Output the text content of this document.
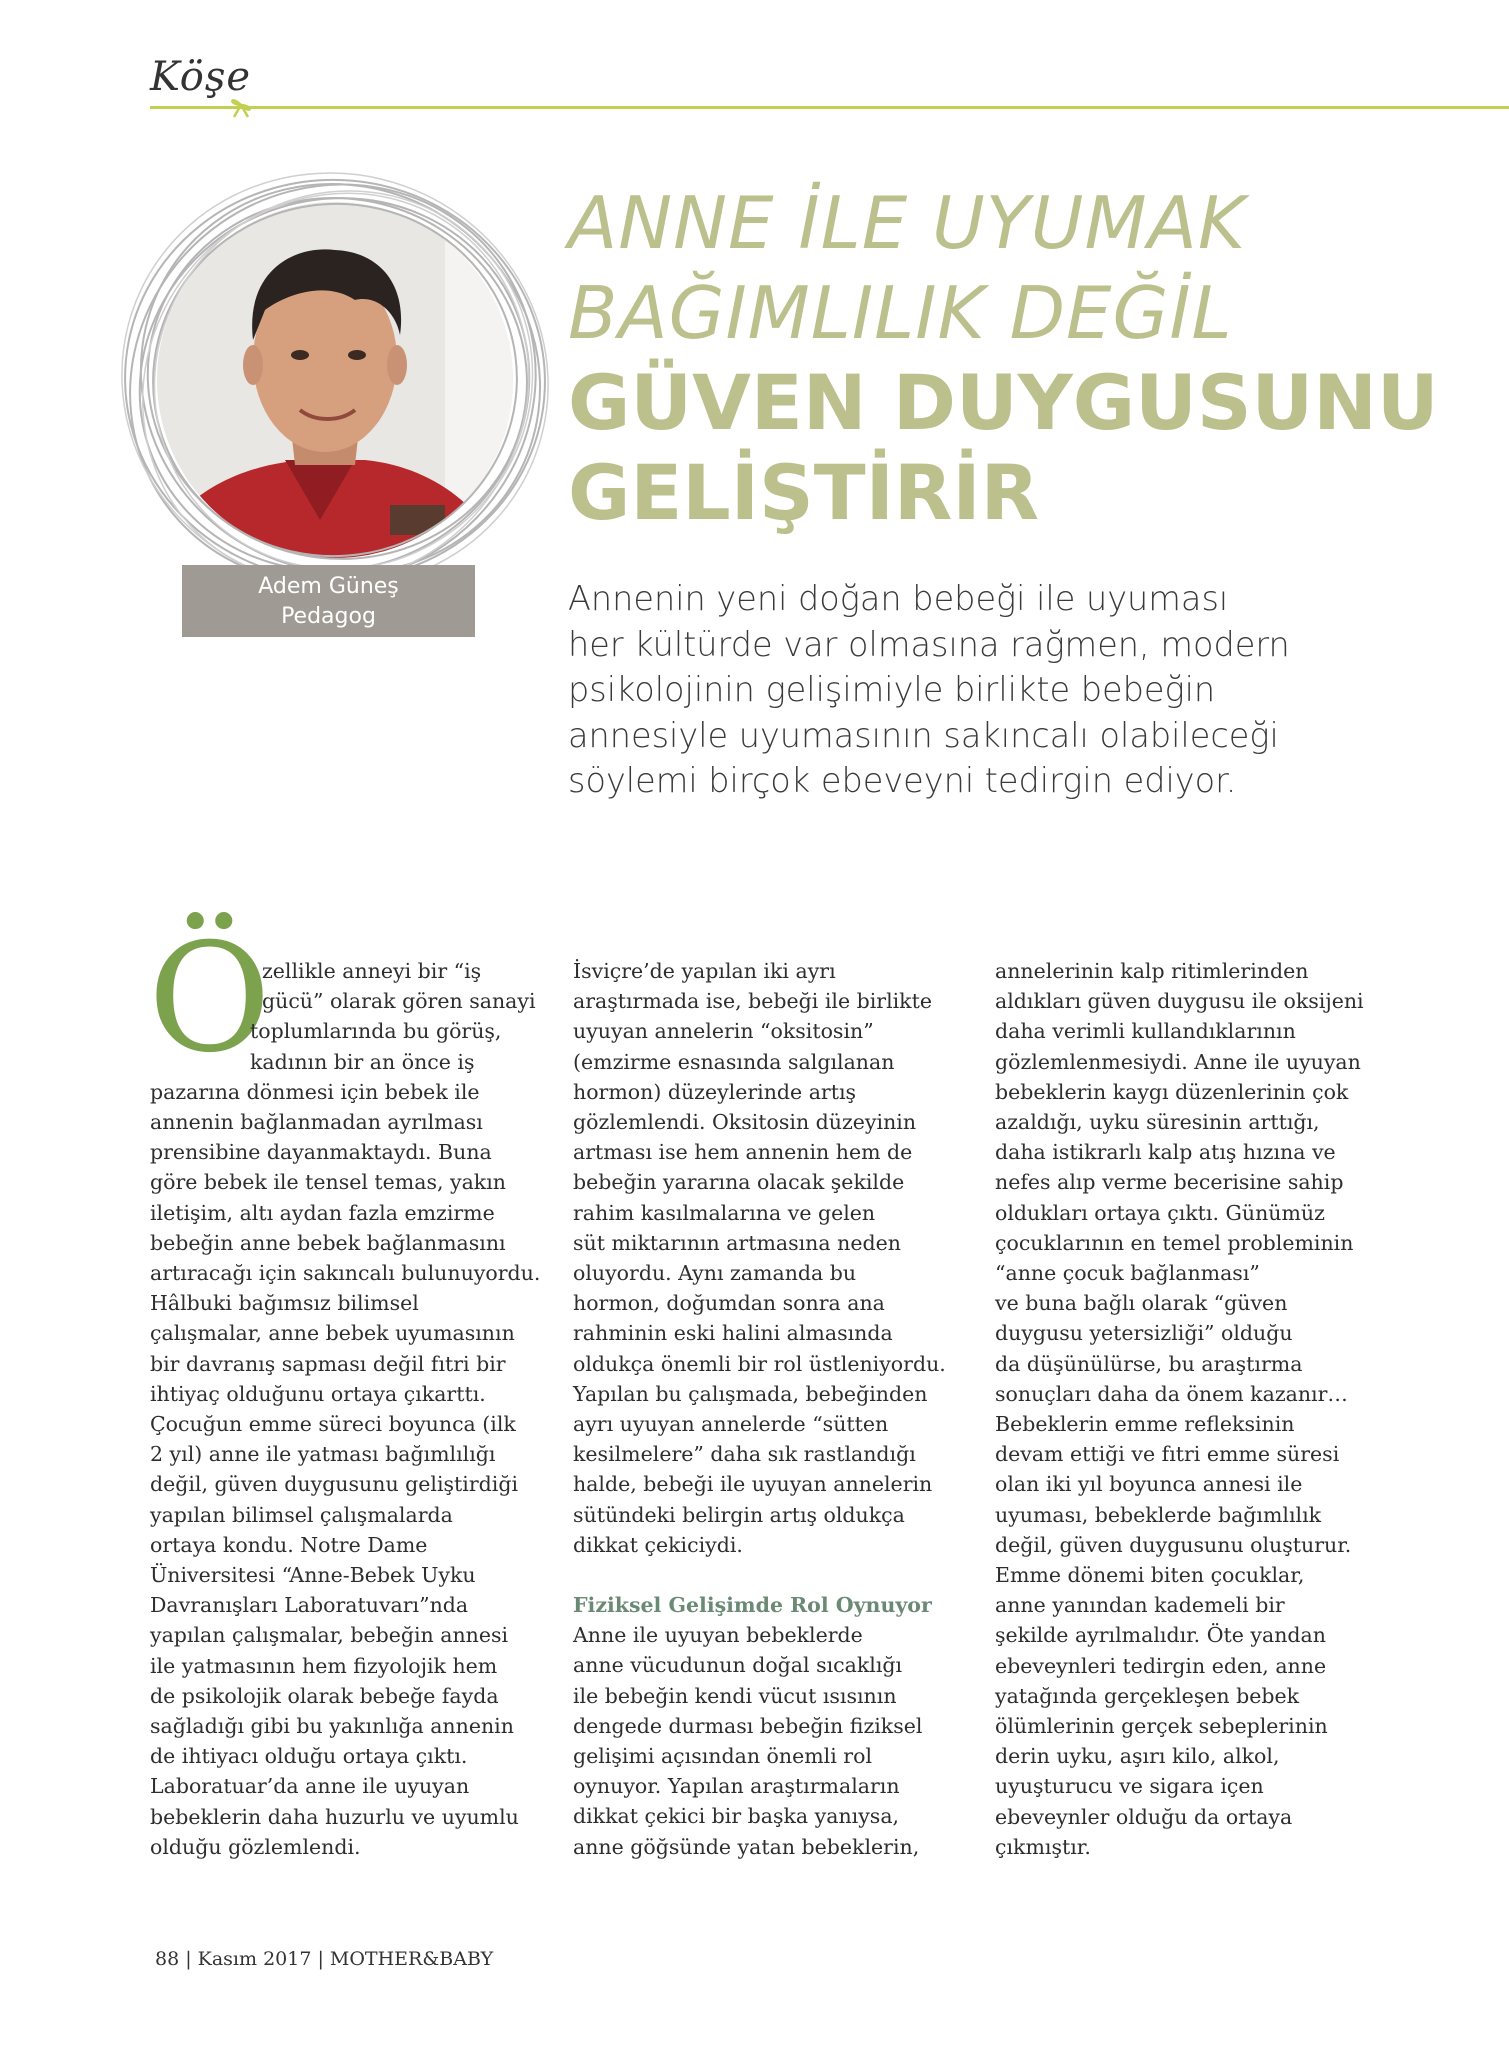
Köşe
Adem Güneş
Pedagog
ANNE İLE UYUMAK
BAĞIMLILIK DEĞİL
GÜVEN DUYGUSUNU
GELİŞTİRİR
Annenin yeni doğan bebeği ile uyuması
her kültürde var olmasına rağmen, modern
psikolojinin gelişimiyle birlikte bebeğin
annesiyle uyumasının sakıncalı olabileceği
söylemi birçok ebeveyni tedirgin ediyor.
Ö
zellikle anneyi bir “iş
gücü” olarak gören sanayi
toplumlarında bu görüş,
kadının bir an önce iş
pazarına dönmesi için bebek ile
annenin bağlanmadan ayrılması
prensibine dayanmaktaydı. Buna
göre bebek ile tensel temas, yakın
iletişim, altı aydan fazla emzirme
bebeğin anne bebek bağlanmasını
artıracağı için sakıncalı bulunuyordu.
Hâlbuki bağımsız bilimsel
çalışmalar, anne bebek uyumasının
bir davranış sapması değil fıtri bir
ihtiyaç olduğunu ortaya çıkarttı.
Çocuğun emme süreci boyunca (ilk
2 yıl) anne ile yatması bağımlılığı
değil, güven duygusunu geliştirdiği
yapılan bilimsel çalışmalarda
ortaya kondu. Notre Dame
Üniversitesi “Anne-Bebek Uyku
Davranışları Laboratuvarı”nda
yapılan çalışmalar, bebeğin annesi
ile yatmasının hem fizyolojik hem
de psikolojik olarak bebeğe fayda
sağladığı gibi bu yakınlığa annenin
de ihtiyacı olduğu ortaya çıktı.
Laboratuar’da anne ile uyuyan
bebeklerin daha huzurlu ve uyumlu
olduğu gözlemlendi.
İsviçre’de yapılan iki ayrı
araştırmada ise, bebeği ile birlikte
uyuyan annelerin “oksitosin”
(emzirme esnasında salgılanan
hormon) düzeylerinde artış
gözlemlendi. Oksitosin düzeyinin
artması ise hem annenin hem de
bebeğin yararına olacak şekilde
rahim kasılmalarına ve gelen
süt miktarının artmasına neden
oluyordu. Aynı zamanda bu
hormon, doğumdan sonra ana
rahminin eski halini almasında
oldukça önemli bir rol üstleniyordu.
Yapılan bu çalışmada, bebeğinden
ayrı uyuyan annelerde “sütten
kesilmelere” daha sık rastlandığı
halde, bebeği ile uyuyan annelerin
sütündeki belirgin artış oldukça
dikkat çekiciydi.
Fiziksel Gelişimde Rol Oynuyor
Anne ile uyuyan bebeklerde
anne vücudunun doğal sıcaklığı
ile bebeğin kendi vücut ısısının
dengede durması bebeğin fiziksel
gelişimi açısından önemli rol
oynuyor. Yapılan araştırmaların
dikkat çekici bir başka yanıysa,
anne göğsünde yatan bebeklerin,
annelerinin kalp ritimlerinden
aldıkları güven duygusu ile oksijeni
daha verimli kullandıklarının
gözlemlenmesiydi. Anne ile uyuyan
bebeklerin kaygı düzenlerinin çok
azaldığı, uyku süresinin arttığı,
daha istikrarlı kalp atış hızına ve
nefes alıp verme becerisine sahip
oldukları ortaya çıktı. Günümüz
çocuklarının en temel probleminin
“anne çocuk bağlanması”
ve buna bağlı olarak “güven
duygusu yetersizliği” olduğu
da düşünülürse, bu araştırma
sonuçları daha da önem kazanır…
Bebeklerin emme refleksinin
devam ettiği ve fıtri emme süresi
olan iki yıl boyunca annesi ile
uyuması, bebeklerde bağımlılık
değil, güven duygusunu oluşturur.
Emme dönemi biten çocuklar,
anne yanından kademeli bir
şekilde ayrılmalıdır. Öte yandan
ebeveynleri tedirgin eden, anne
yatağında gerçekleşen bebek
ölümlerinin gerçek sebeplerinin
derin uyku, aşırı kilo, alkol,
uyuşturucu ve sigara içen
ebeveynler olduğu da ortaya
çıkmıştır.
88 | Kasım 2017 | MOTHER&BABY
